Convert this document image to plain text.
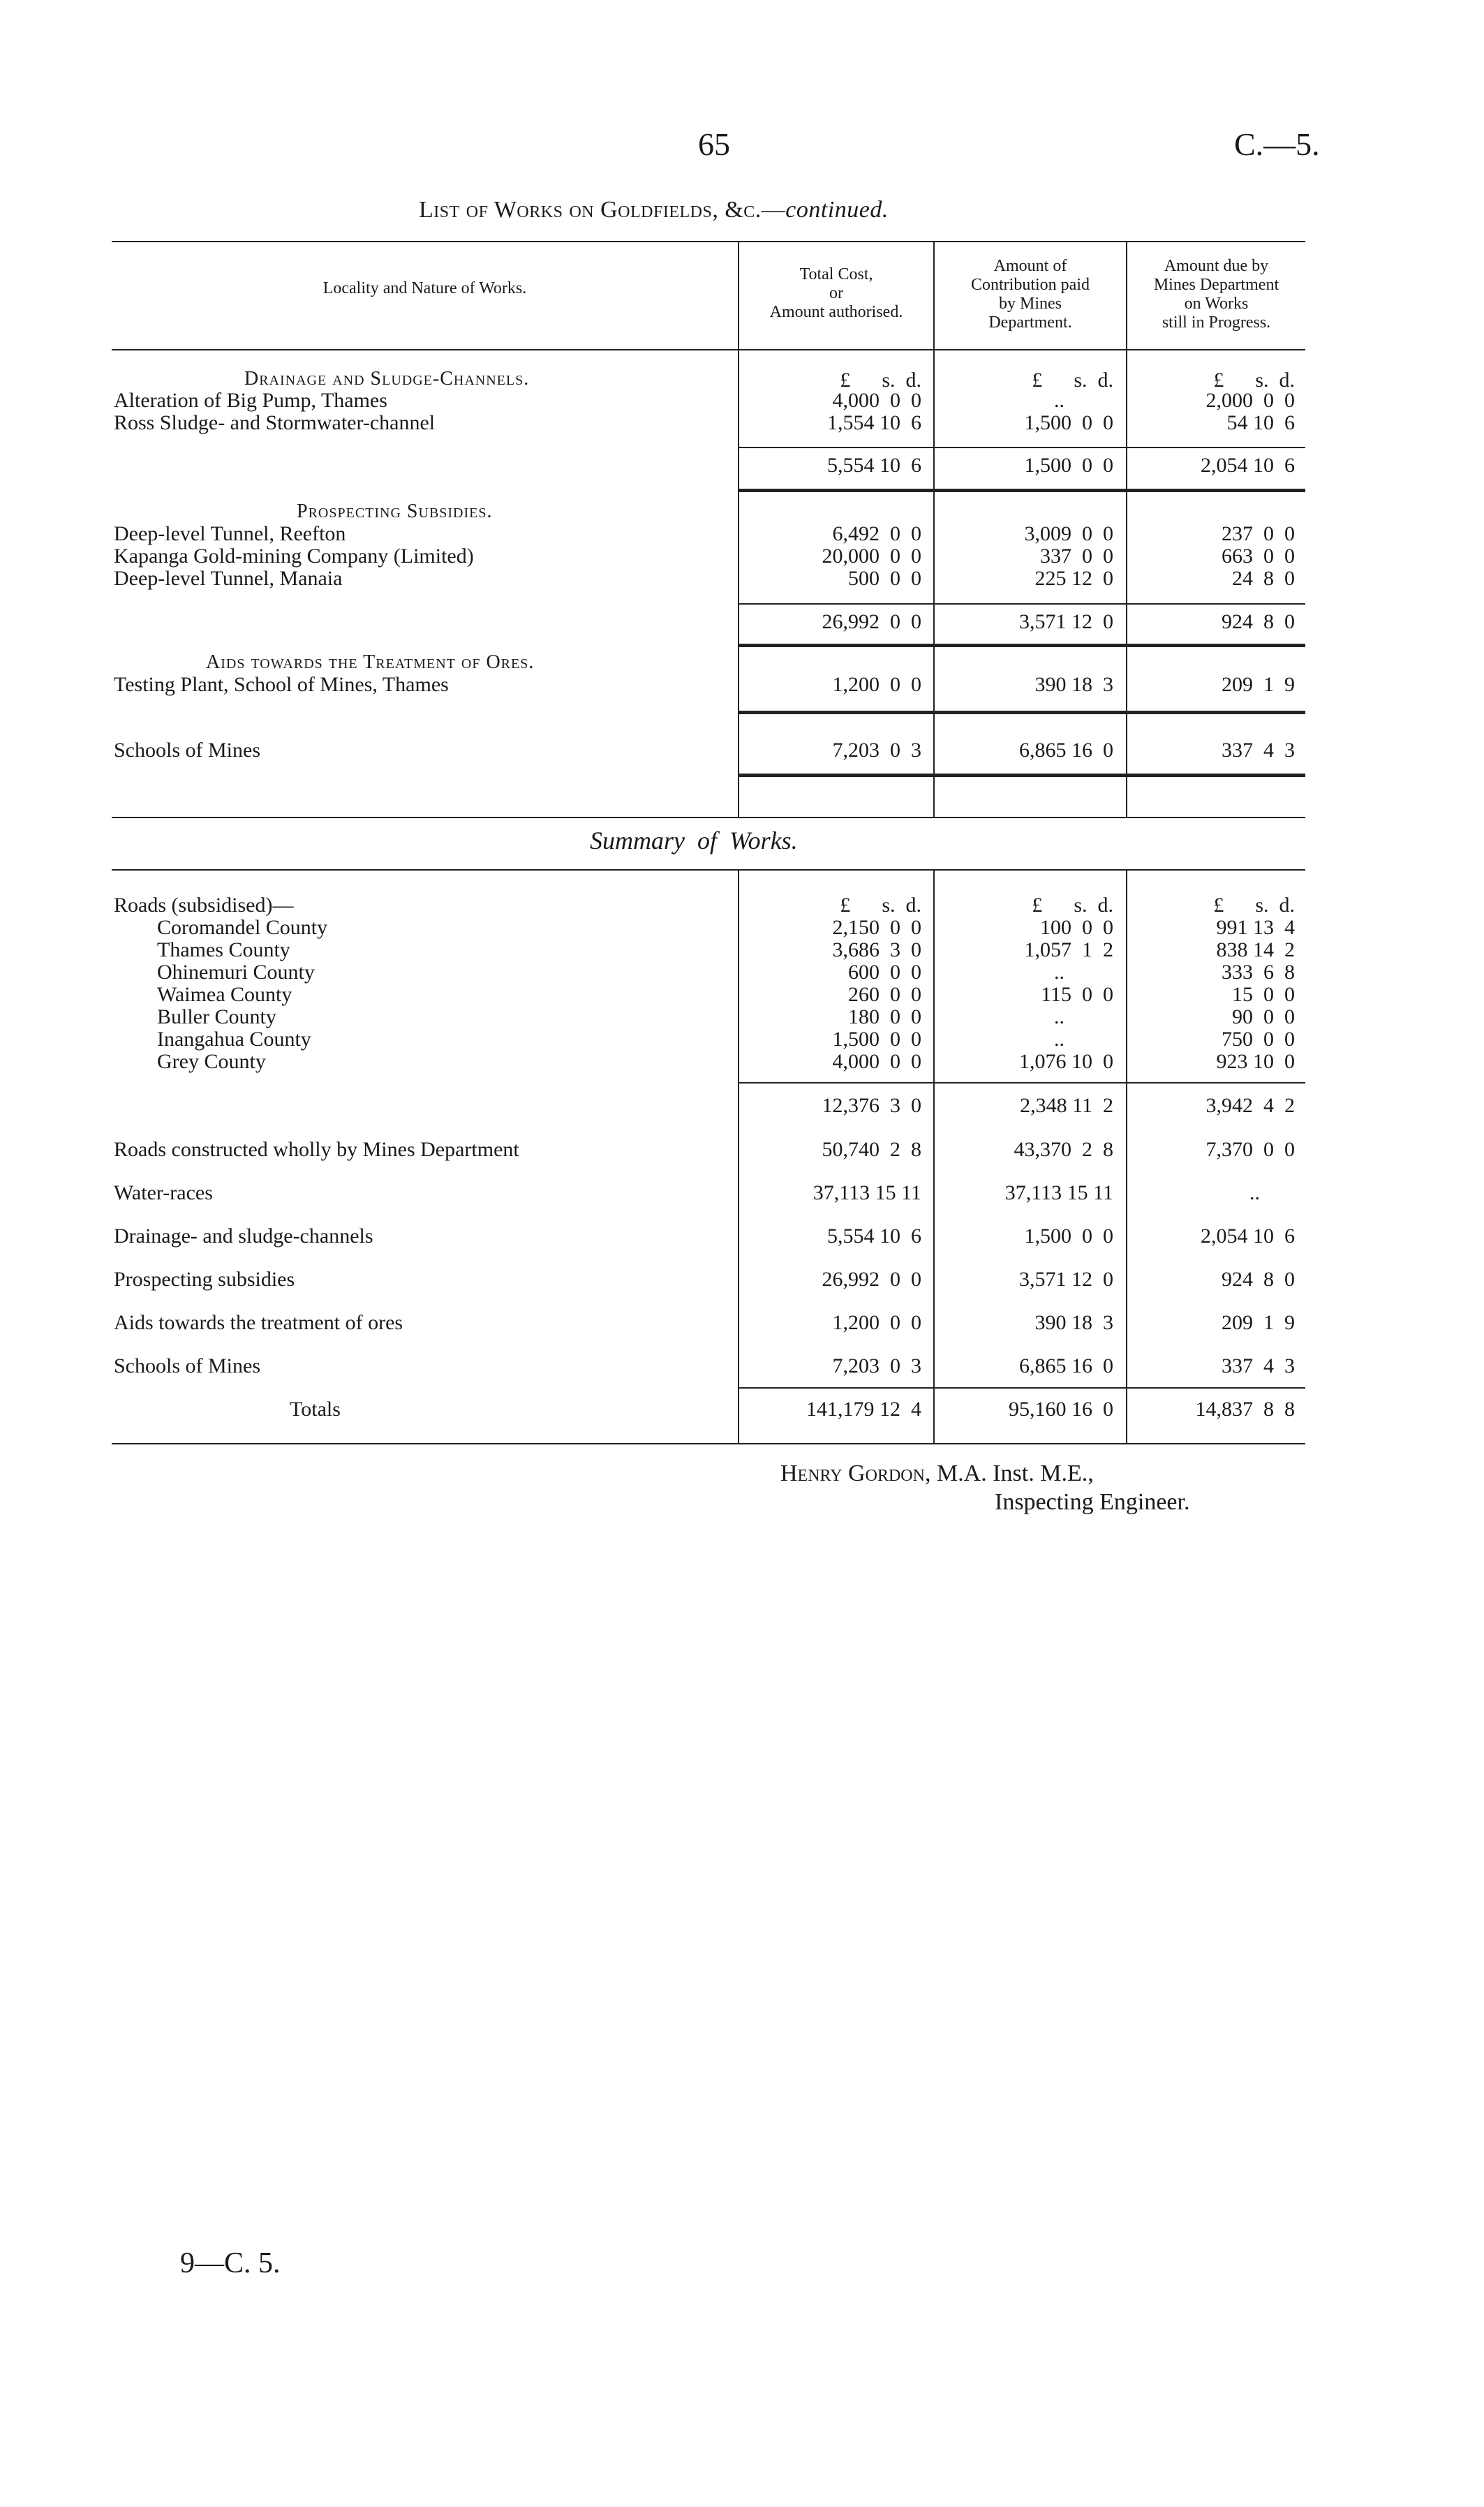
65	C.—5.
List of Works on Goldfields, &c.—continued.
Locality and Nature of Works.
Total Cost,
or
Amount authorised.
Amount of
Contribution paid
by Mines
Department.
Amount due by
Mines Department
on Works
still in Progress.
£ s. d.	£ s. d.	£ s. d.
Drainage and Sludge-Channels.
Alteration of Big Pump, Thames	4,000 0 0	..	2,000 0 0
Ross Sludge- and Stormwater-channel	1,554 10 6	1,500 0 0	54 10 6
5,554 10 6	1,500 0 0	2,054 10 6
Prospecting Subsidies.
Deep-level Tunnel, Reefton	6,492 0 0	3,009 0 0	237 0 0
Kapanga Gold-mining Company (Limited)	20,000 0 0	337 0 0	663 0 0
Deep-level Tunnel, Manaia	500 0 0	225 12 0	24 8 0
26,992 0 0	3,571 12 0	924 8 0
Aids towards the Treatment of Ores.
Testing Plant, School of Mines, Thames	1,200 0 0	390 18 3	209 1 9
Schools of Mines	7,203 0 3	6,865 16 0	337 4 3
Summary of Works.
£ s. d.	£ s. d.	£ s. d.
Roads (subsidised)—
Coromandel County	2,150 0 0	100 0 0	991 13 4
Thames County	3,686 3 0	1,057 1 2	838 14 2
Ohinemuri County	600 0 0	..	333 6 8
Waimea County	260 0 0	115 0 0	15 0 0
Buller County	180 0 0	..	90 0 0
Inangahua County	1,500 0 0	..	750 0 0
Grey County	4,000 0 0	1,076 10 0	923 10 0
12,376 3 0	2,348 11 2	3,942 4 2
Roads constructed wholly by Mines Department	50,740 2 8	43,370 2 8	7,370 0 0
Water-races	37,113 15 11	37,113 15 11	..
Drainage- and sludge-channels	5,554 10 6	1,500 0 0	2,054 10 6
Prospecting subsidies	26,992 0 0	3,571 12 0	924 8 0
Aids towards the treatment of ores	1,200 0 0	390 18 3	209 1 9
Schools of Mines	7,203 0 3	6,865 16 0	337 4 3
Totals	141,179 12 4	95,160 16 0	14,837 8 8
Henry Gordon, M.A. Inst. M.E.,
Inspecting Engineer.
9—C. 5.
